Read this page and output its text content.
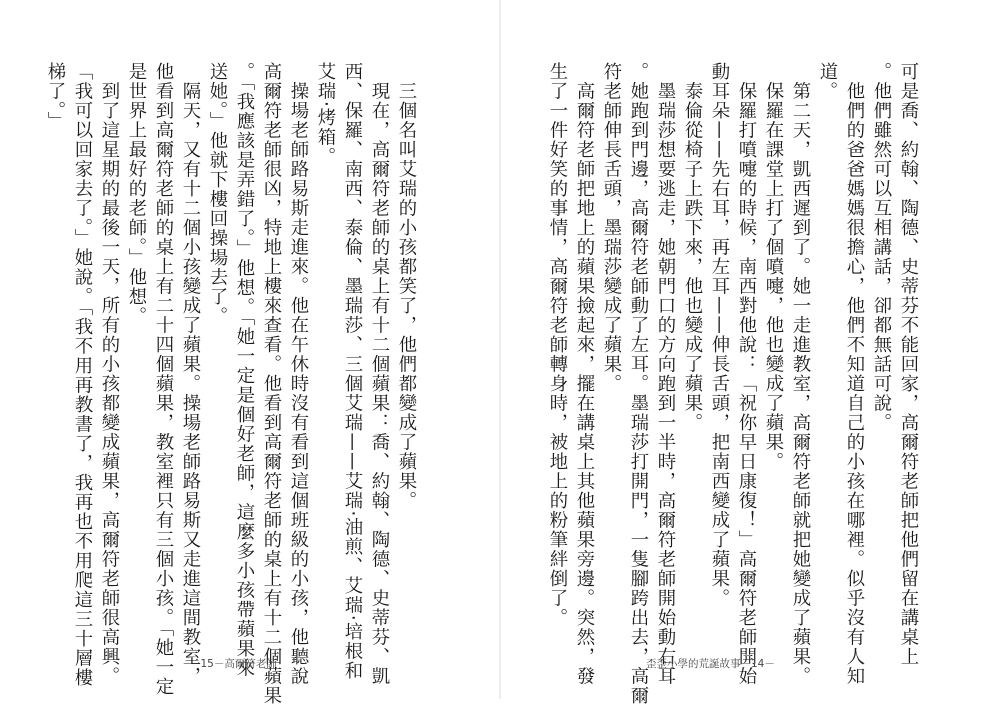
　三個名叫艾瑞的小孩都笑了，他們都變成了蘋果。
　現在，高爾符老師的桌上有十二個蘋果：喬、約翰、陶德、史蒂芬、凱
西、保羅、南西、泰倫、墨瑞莎、三個艾瑞——艾瑞·油煎、艾瑞·培根和
艾瑞·烤箱。
　操場老師路易斯走進來。他在午休時沒有看到這個班級的小孩，他聽說
高爾符老師很凶，特地上樓來查看。他看到高爾符老師的桌上有十二個蘋果
。「我應該是弄錯了。」他想。「她一定是個好老師，這麼多小孩帶蘋果來
送她。」他就下樓回操場去了。
　隔天，又有十二個小孩變成了蘋果。操場老師路易斯又走進這間教室，
他看到高爾符老師的桌上有二十四個蘋果，教室裡只有三個小孩。「她一定
是世界上最好的老師。」他想。
　到了這星期的最後一天，所有的小孩都變成蘋果，高爾符老師很高興。
「我可以回家去了。」她說。「我不用再教書了，我再也不用爬這三十層樓
梯了。」
－15－高爾符老師	可是喬、約翰、陶德、史蒂芬不能回家，高爾符老師把他們留在講桌上
。他們雖然可以互相講話，卻都無話可說。
　他們的爸爸媽媽很擔心，他們不知道自己的小孩在哪裡。似乎沒有人知
道。
　第二天，凱西遲到了。她一走進教室，高爾符老師就把她變成了蘋果。
　保羅在課堂上打了個噴嚏，他也變成了蘋果。
　保羅打噴嚏的時候，南西對他說：「祝你早日康復！」高爾符老師開始
動耳朵——先右耳，再左耳——伸長舌頭，把南西變成了蘋果。
　泰倫從椅子上跌下來，他也變成了蘋果。
　墨瑞莎想要逃走，她朝門口的方向跑到一半時，高爾符老師開始動右耳
。她跑到門邊，高爾符老師動了左耳。墨瑞莎打開門，一隻腳跨出去，高爾
符老師伸長舌頭，墨瑞莎變成了蘋果。
　高爾符老師把地上的蘋果撿起來，擺在講桌上其他蘋果旁邊。突然，發
生了一件好笑的事情，高爾符老師轉身時，被地上的粉筆絆倒了。
歪歪小學的荒誕故事－14－
